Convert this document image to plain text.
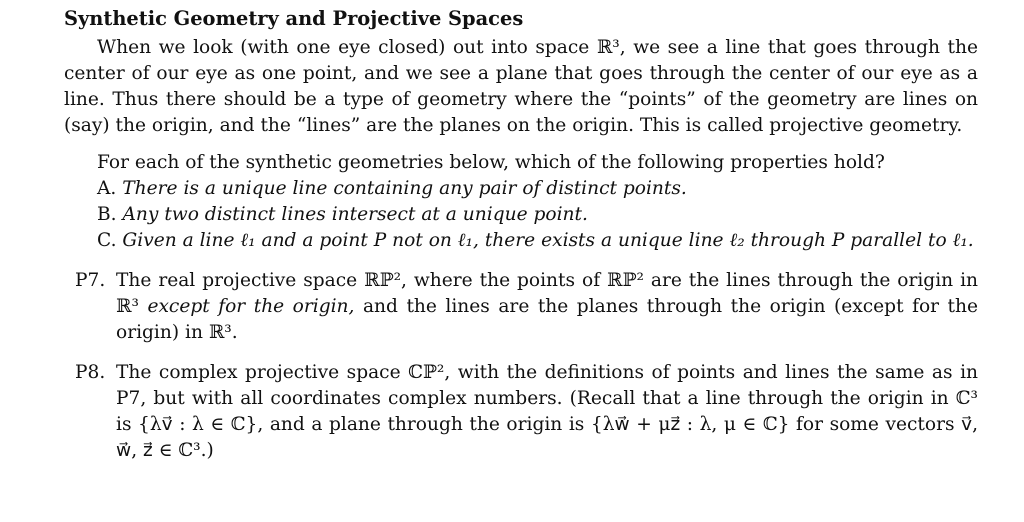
Synthetic Geometry and Projective Spaces

When we look (with one eye closed) out into space ℝ³, we see a line that goes through the center of our eye as one point, and we see a plane that goes through the center of our eye as a line. Thus there should be a type of geometry where the “points” of the geometry are lines on (say) the origin, and the “lines” are the planes on the origin. This is called projective geometry.

For each of the synthetic geometries below, which of the following properties hold?
A. There is a unique line containing any pair of distinct points.
B. Any two distinct lines intersect at a unique point.
C. Given a line ℓ₁ and a point P not on ℓ₁, there exists a unique line ℓ₂ through P parallel to ℓ₁.
P7. The real projective space ℝℙ², where the points of ℝℙ² are the lines through the origin in ℝ³ except for the origin, and the lines are the planes through the origin (except for the origin) in ℝ³.
P8. The complex projective space ℂℙ², with the definitions of points and lines the same as in P7, but with all coordinates complex numbers. (Recall that a line through the origin in ℂ³ is {λv⃗ : λ ∈ ℂ}, and a plane through the origin is {λw⃗ + μz⃗ : λ, μ ∈ ℂ} for some vectors v⃗, w⃗, z⃗ ∈ ℂ³.)
